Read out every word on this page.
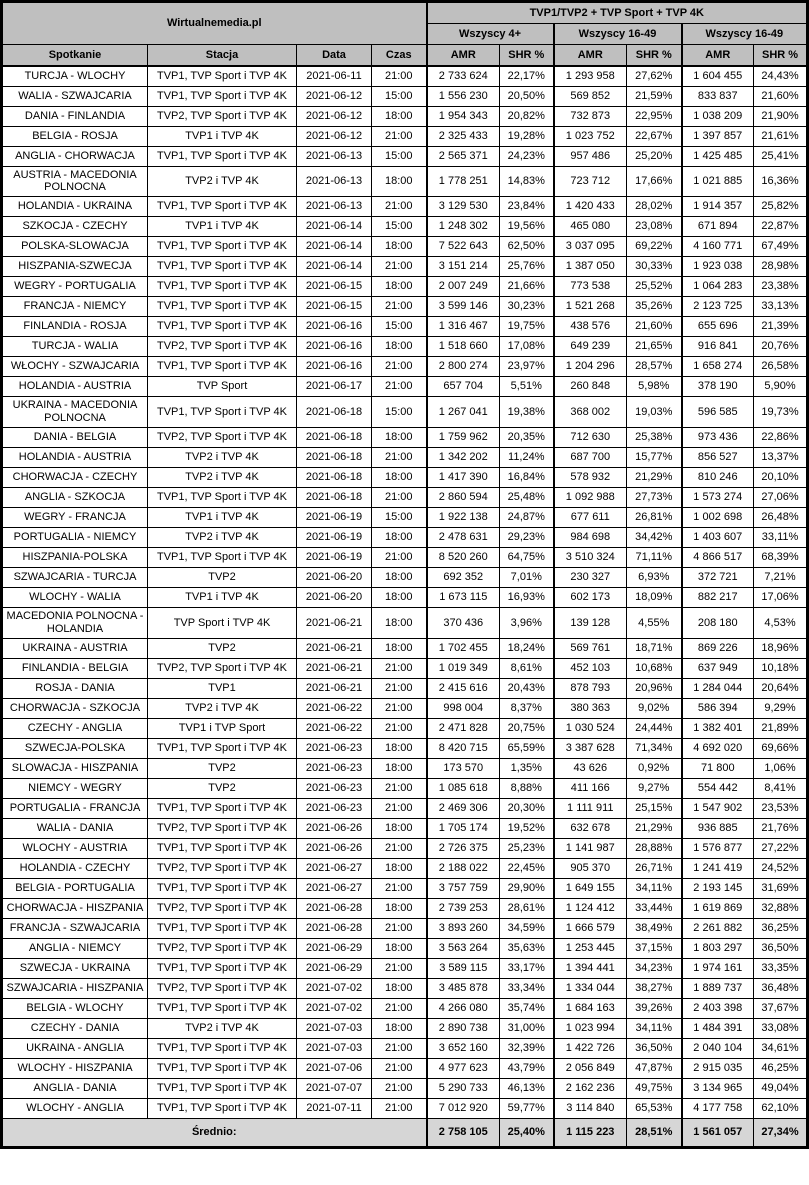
Wirtualnemedia.pl				TVP1/TVP2 + TVP Sport + TVP 4K					
				Wszyscy 4+		Wszyscy 16-49		Wszyscy 16-49	
Spotkanie	Stacja	Data	Czas	AMR	SHR %	AMR	SHR %	AMR	SHR %
TURCJA - WLOCHY	TVP1, TVP Sport i TVP 4K	2021-06-11	21:00	2 733 624	22,17%	1 293 958	27,62%	1 604 455	24,43%
WALIA - SZWAJCARIA	TVP1, TVP Sport i TVP 4K	2021-06-12	15:00	1 556 230	20,50%	569 852	21,59%	833 837	21,60%
DANIA - FINLANDIA	TVP2, TVP Sport i TVP 4K	2021-06-12	18:00	1 954 343	20,82%	732 873	22,95%	1 038 209	21,90%
BELGIA - ROSJA	TVP1 i TVP 4K	2021-06-12	21:00	2 325 433	19,28%	1 023 752	22,67%	1 397 857	21,61%
ANGLIA - CHORWACJA	TVP1, TVP Sport i TVP 4K	2021-06-13	15:00	2 565 371	24,23%	957 486	25,20%	1 425 485	25,41%
AUSTRIA - MACEDONIA POLNOCNA	TVP2 i TVP 4K	2021-06-13	18:00	1 778 251	14,83%	723 712	17,66%	1 021 885	16,36%
HOLANDIA - UKRAINA	TVP1, TVP Sport i TVP 4K	2021-06-13	21:00	3 129 530	23,84%	1 420 433	28,02%	1 914 357	25,82%
SZKOCJA - CZECHY	TVP1 i TVP 4K	2021-06-14	15:00	1 248 302	19,56%	465 080	23,08%	671 894	22,87%
POLSKA-SLOWACJA	TVP1, TVP Sport i TVP 4K	2021-06-14	18:00	7 522 643	62,50%	3 037 095	69,22%	4 160 771	67,49%
HISZPANIA-SZWECJA	TVP1, TVP Sport i TVP 4K	2021-06-14	21:00	3 151 214	25,76%	1 387 050	30,33%	1 923 038	28,98%
WEGRY - PORTUGALIA	TVP1, TVP Sport i TVP 4K	2021-06-15	18:00	2 007 249	21,66%	773 538	25,52%	1 064 283	23,38%
FRANCJA - NIEMCY	TVP1, TVP Sport i TVP 4K	2021-06-15	21:00	3 599 146	30,23%	1 521 268	35,26%	2 123 725	33,13%
FINLANDIA - ROSJA	TVP1, TVP Sport i TVP 4K	2021-06-16	15:00	1 316 467	19,75%	438 576	21,60%	655 696	21,39%
TURCJA - WALIA	TVP2, TVP Sport i TVP 4K	2021-06-16	18:00	1 518 660	17,08%	649 239	21,65%	916 841	20,76%
WŁOCHY - SZWAJCARIA	TVP1, TVP Sport i TVP 4K	2021-06-16	21:00	2 800 274	23,97%	1 204 296	28,57%	1 658 274	26,58%
HOLANDIA - AUSTRIA	TVP Sport	2021-06-17	21:00	657 704	5,51%	260 848	5,98%	378 190	5,90%
UKRAINA - MACEDONIA POLNOCNA	TVP1, TVP Sport i TVP 4K	2021-06-18	15:00	1 267 041	19,38%	368 002	19,03%	596 585	19,73%
DANIA - BELGIA	TVP2, TVP Sport i TVP 4K	2021-06-18	18:00	1 759 962	20,35%	712 630	25,38%	973 436	22,86%
HOLANDIA - AUSTRIA	TVP2 i TVP 4K	2021-06-18	21:00	1 342 202	11,24%	687 700	15,77%	856 527	13,37%
CHORWACJA - CZECHY	TVP2 i TVP 4K	2021-06-18	18:00	1 417 390	16,84%	578 932	21,29%	810 246	20,10%
ANGLIA - SZKOCJA	TVP1, TVP Sport i TVP 4K	2021-06-18	21:00	2 860 594	25,48%	1 092 988	27,73%	1 573 274	27,06%
WEGRY - FRANCJA	TVP1 i TVP 4K	2021-06-19	15:00	1 922 138	24,87%	677 611	26,81%	1 002 698	26,48%
PORTUGALIA - NIEMCY	TVP2 i TVP 4K	2021-06-19	18:00	2 478 631	29,23%	984 698	34,42%	1 403 607	33,11%
HISZPANIA-POLSKA	TVP1, TVP Sport i TVP 4K	2021-06-19	21:00	8 520 260	64,75%	3 510 324	71,11%	4 866 517	68,39%
SZWAJCARIA - TURCJA	TVP2	2021-06-20	18:00	692 352	7,01%	230 327	6,93%	372 721	7,21%
WLOCHY - WALIA	TVP1 i TVP 4K	2021-06-20	18:00	1 673 115	16,93%	602 173	18,09%	882 217	17,06%
MACEDONIA POLNOCNA - HOLANDIA	TVP Sport i TVP 4K	2021-06-21	18:00	370 436	3,96%	139 128	4,55%	208 180	4,53%
UKRAINA - AUSTRIA	TVP2	2021-06-21	18:00	1 702 455	18,24%	569 761	18,71%	869 226	18,96%
FINLANDIA - BELGIA	TVP2, TVP Sport i TVP 4K	2021-06-21	21:00	1 019 349	8,61%	452 103	10,68%	637 949	10,18%
ROSJA - DANIA	TVP1	2021-06-21	21:00	2 415 616	20,43%	878 793	20,96%	1 284 044	20,64%
CHORWACJA - SZKOCJA	TVP2 i TVP 4K	2021-06-22	21:00	998 004	8,37%	380 363	9,02%	586 394	9,29%
CZECHY - ANGLIA	TVP1 i TVP Sport	2021-06-22	21:00	2 471 828	20,75%	1 030 524	24,44%	1 382 401	21,89%
SZWECJA-POLSKA	TVP1, TVP Sport i TVP 4K	2021-06-23	18:00	8 420 715	65,59%	3 387 628	71,34%	4 692 020	69,66%
SLOWACJA - HISZPANIA	TVP2	2021-06-23	18:00	173 570	1,35%	43 626	0,92%	71 800	1,06%
NIEMCY - WEGRY	TVP2	2021-06-23	21:00	1 085 618	8,88%	411 166	9,27%	554 442	8,41%
PORTUGALIA - FRANCJA	TVP1, TVP Sport i TVP 4K	2021-06-23	21:00	2 469 306	20,30%	1 111 911	25,15%	1 547 902	23,53%
WALIA - DANIA	TVP2, TVP Sport i TVP 4K	2021-06-26	18:00	1 705 174	19,52%	632 678	21,29%	936 885	21,76%
WLOCHY - AUSTRIA	TVP1, TVP Sport i TVP 4K	2021-06-26	21:00	2 726 375	25,23%	1 141 987	28,88%	1 576 877	27,22%
HOLANDIA - CZECHY	TVP2, TVP Sport i TVP 4K	2021-06-27	18:00	2 188 022	22,45%	905 370	26,71%	1 241 419	24,52%
BELGIA - PORTUGALIA	TVP1, TVP Sport i TVP 4K	2021-06-27	21:00	3 757 759	29,90%	1 649 155	34,11%	2 193 145	31,69%
CHORWACJA - HISZPANIA	TVP2, TVP Sport i TVP 4K	2021-06-28	18:00	2 739 253	28,61%	1 124 412	33,44%	1 619 869	32,88%
FRANCJA - SZWAJCARIA	TVP1, TVP Sport i TVP 4K	2021-06-28	21:00	3 893 260	34,59%	1 666 579	38,49%	2 261 882	36,25%
ANGLIA - NIEMCY	TVP2, TVP Sport i TVP 4K	2021-06-29	18:00	3 563 264	35,63%	1 253 445	37,15%	1 803 297	36,50%
SZWECJA - UKRAINA	TVP1, TVP Sport i TVP 4K	2021-06-29	21:00	3 589 115	33,17%	1 394 441	34,23%	1 974 161	33,35%
SZWAJCARIA - HISZPANIA	TVP2, TVP Sport i TVP 4K	2021-07-02	18:00	3 485 878	33,34%	1 334 044	38,27%	1 889 737	36,48%
BELGIA - WLOCHY	TVP1, TVP Sport i TVP 4K	2021-07-02	21:00	4 266 080	35,74%	1 684 163	39,26%	2 403 398	37,67%
CZECHY - DANIA	TVP2 i TVP 4K	2021-07-03	18:00	2 890 738	31,00%	1 023 994	34,11%	1 484 391	33,08%
UKRAINA - ANGLIA	TVP1, TVP Sport i TVP 4K	2021-07-03	21:00	3 652 160	32,39%	1 422 726	36,50%	2 040 104	34,61%
WLOCHY - HISZPANIA	TVP1, TVP Sport i TVP 4K	2021-07-06	21:00	4 977 623	43,79%	2 056 849	47,87%	2 915 035	46,25%
ANGLIA - DANIA	TVP1, TVP Sport i TVP 4K	2021-07-07	21:00	5 290 733	46,13%	2 162 236	49,75%	3 134 965	49,04%
WLOCHY - ANGLIA	TVP1, TVP Sport i TVP 4K	2021-07-11	21:00	7 012 920	59,77%	3 114 840	65,53%	4 177 758	62,10%
Średnio:				2 758 105	25,40%	1 115 223	28,51%	1 561 057	27,34%
